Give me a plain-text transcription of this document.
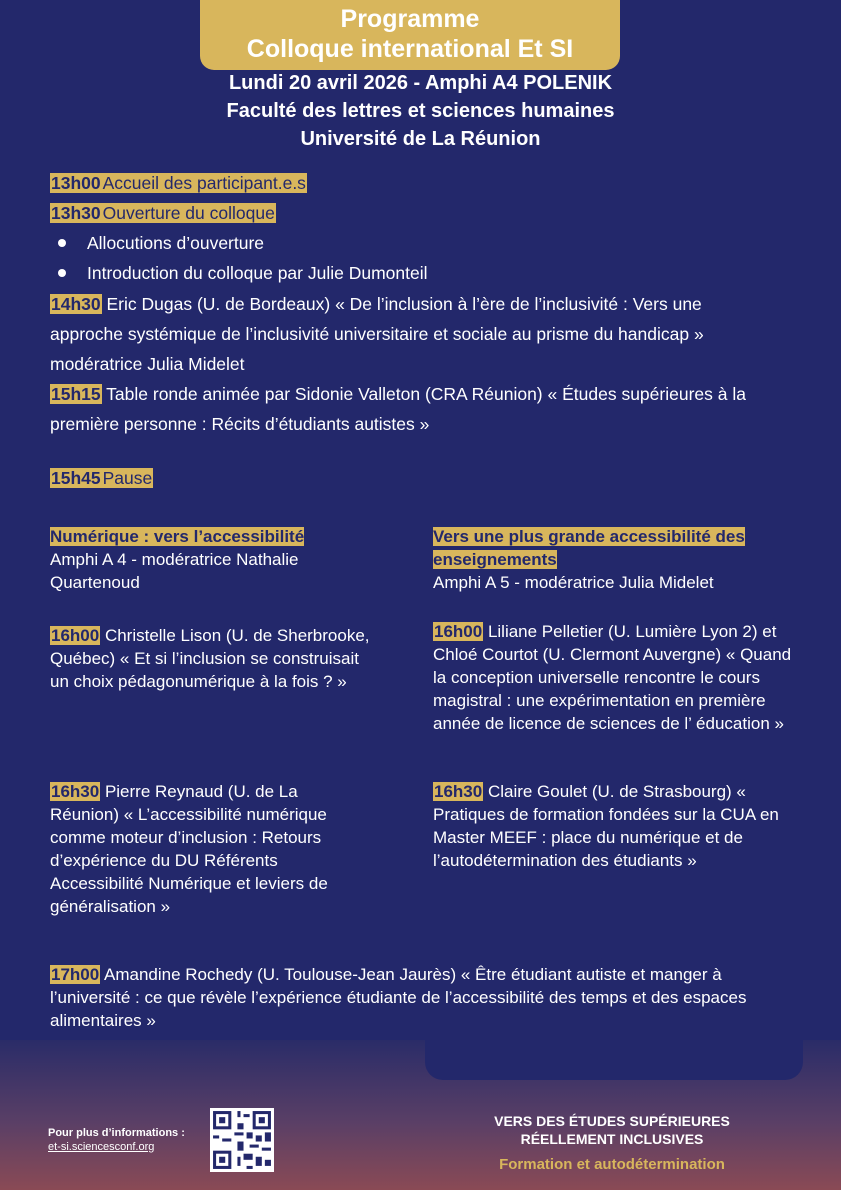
Programme
Colloque international Et SI
Lundi 20 avril 2026 - Amphi A4 POLENIK
Faculté des lettres et sciences humaines
Université de La Réunion
13h00 Accueil des participant.e.s
13h30 Ouverture du colloque
Allocutions d’ouverture
Introduction du colloque par Julie Dumonteil
14h30 Eric Dugas (U. de Bordeaux) « De l’inclusion à l’ère de l’inclusivité : Vers une
approche systémique de l’inclusivité universitaire et sociale au prisme du handicap »
modératrice Julia Midelet
15h15 Table ronde animée par Sidonie Valleton (CRA Réunion) « Études supérieures à la
première personne : Récits d’étudiants autistes »
15h45 Pause
Numérique : vers l’accessibilité
Amphi A 4 - modératrice Nathalie Quartenoud
16h00 Christelle Lison (U. de Sherbrooke, Québec) « Et si l’inclusion se construisait un choix pédagonumérique à la fois ? »
16h30 Pierre Reynaud (U. de La Réunion) « L’accessibilité numérique comme moteur d’inclusion : Retours d’expérience du DU Référents Accessibilité Numérique et leviers de généralisation »
Vers une plus grande accessibilité des enseignements
Amphi A 5 - modératrice Julia Midelet
16h00 Liliane Pelletier (U. Lumière Lyon 2) et Chloé Courtot (U. Clermont Auvergne) « Quand la conception universelle rencontre le cours magistral : une expérimentation en première année de licence de sciences de l’ éducation »
16h30 Claire Goulet (U. de Strasbourg) « Pratiques de formation fondées sur la CUA en Master MEEF : place du numérique et de l’autodétermination des étudiants »
17h00 Amandine Rochedy (U. Toulouse-Jean Jaurès) « Être étudiant autiste et manger à l’université : ce que révèle l’expérience étudiante de l’accessibilité des temps et des espaces alimentaires »
Pour plus d’informations :
et-si.sciencesconf.org
VERS DES ÉTUDES SUPÉRIEURES
RÉELLEMENT INCLUSIVES
Formation et autodétermination
